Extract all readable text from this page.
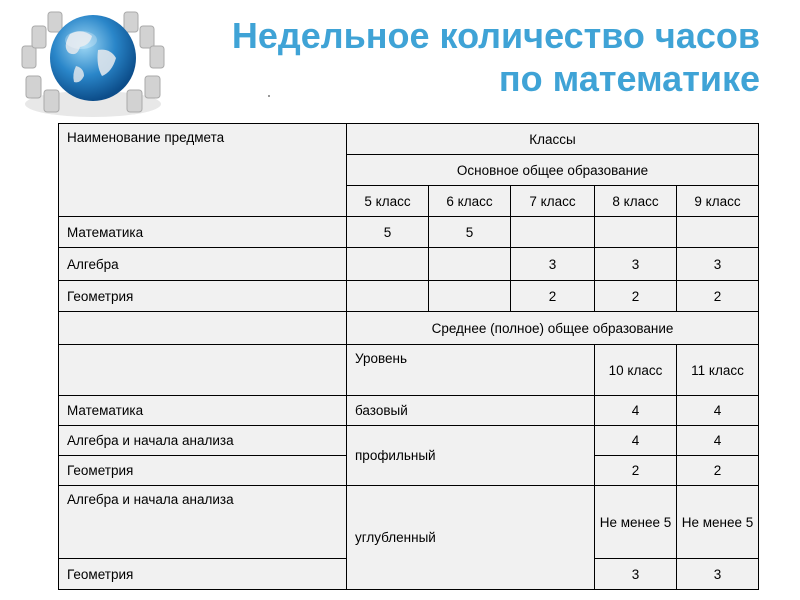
Недельное количество часов
по математике
Наименование предмета	Классы				
	Основное общее образование				
	5 класс	6 класс	7 класс	8 класс	9 класс
Математика	5	5			
Алгебра			3	3	3
Геометрия			2	2	2
	Среднее (полное) общее образование				
	Уровень			10 класс	11 класс
Математика	базовый			4	4
Алгебра и начала анализа	профильный			4	4
Геометрия				2	2
Алгебра и начала анализа	углубленный			Не менее 5	Не менее 5
Геометрия				3	3
